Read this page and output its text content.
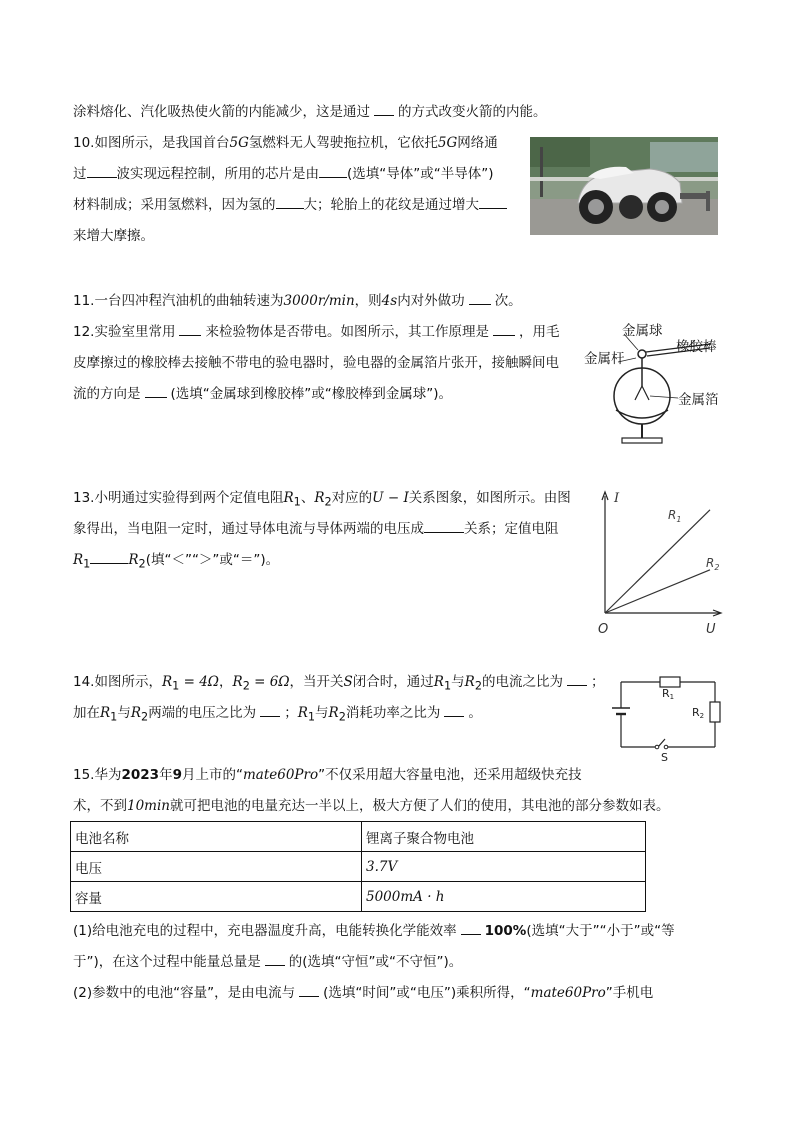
涂料熔化、汽化吸热使火箭的内能减少，这是通过 的方式改变火箭的内能。
10.如图所示，是我国首台5G氢燃料无人驾驶拖拉机，它依托5G网络通
过 波实现远程控制，所用的芯片是由 (选填“导体”或“半导体”)
材料制成；采用氢燃料，因为氢的 大；轮胎上的花纹是通过增大
来增大摩擦。
11.一台四冲程汽油机的曲轴转速为3000r/min，则4s内对外做功 次。
12.实验室里常用 来检验物体是否带电。如图所示，其工作原理是 ，用毛
皮摩擦过的橡胶棒去接触不带电的验电器时，验电器的金属箔片张开，接触瞬间电
流的方向是 (选填“金属球到橡胶棒”或“橡胶棒到金属球”)。
金属球
橡胶棒
金属杆
金属箔
13.小明通过实验得到两个定值电阻$R_1$、$R_2$对应的U − I关系图象，如图所示。由图
象得出，当电阻一定时，通过导体电流与导体两端的电压成	关系；定值电阻
$R_1$	$R_2$(填“＜”“＞”或“＝”)。
I
U
O
$R_1$
$R_2$
14.如图所示，$R_1 = 4\Omega$，$R_2 = 6\Omega$，当开关S闭合时，通过$R_1$与$R_2$的电流之比为 ；
加在$R_1$与$R_2$两端的电压之比为 ；$R_1$与$R_2$消耗功率之比为 。
R1
R2
S
15.华为2023年9月上市的“mate60Pro”不仅采用超大容量电池，还采用超级快充技
术，不到10min就可把电池的电量充达一半以上，极大方便了人们的使用，其电池的部分参数如表。
电池名称	锂离子聚合物电池
电压	3.7V
容量	5000mA · h
(1)给电池充电的过程中，充电器温度升高，电能转换化学能效率 100%(选填“大于”“小于”或“等
于”)，在这个过程中能量总量是 的(选填“守恒”或“不守恒”)。
(2)参数中的电池“容量”，是由电流与 (选填“时间”或“电压”)乘积所得，“mate60Pro”手机电
